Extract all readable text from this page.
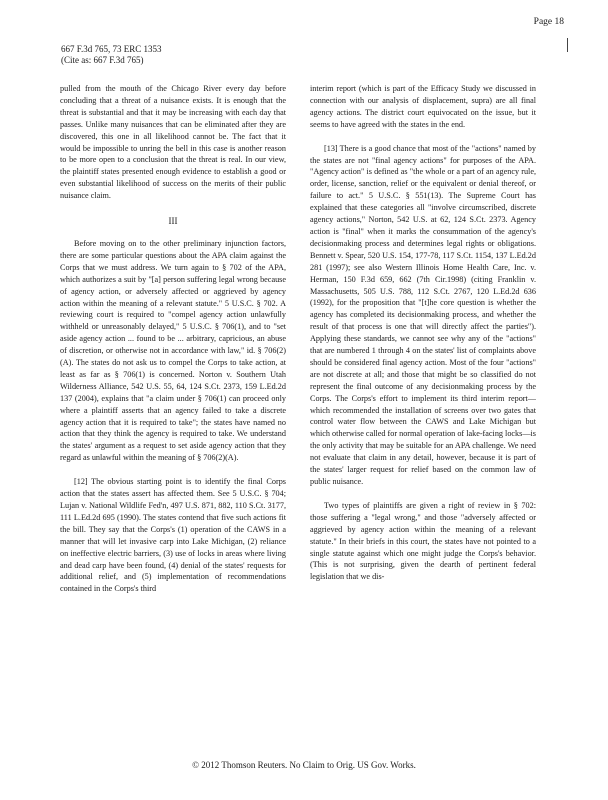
Page 18
667 F.3d 765, 73 ERC 1353
(Cite as: 667 F.3d 765)

pulled from the mouth of the Chicago River every day before concluding that a threat of a nuisance exists. It is enough that the threat is substantial and that it may be increasing with each day that passes. Unlike many nuisances that can be eliminated after they are discovered, this one in all likelihood cannot be. The fact that it would be impossible to unring the bell in this case is another reason to be more open to a conclusion that the threat is real. In our view, the plaintiff states presented enough evidence to establish a good or even substantial likelihood of success on the merits of their public nuisance claim.

III

Before moving on to the other preliminary injunction factors, there are some particular questions about the APA claim against the Corps that we must address. We turn again to § 702 of the APA, which authorizes a suit by "[a] person suffering legal wrong because of agency action, or adversely affected or aggrieved by agency action within the meaning of a relevant statute." 5 U.S.C. § 702. A reviewing court is required to "compel agency action unlawfully withheld or unreasonably delayed," 5 U.S.C. § 706(1), and to "set aside agency action ... found to be ... arbitrary, capricious, an abuse of discretion, or otherwise not in accordance with law," id. § 706(2)(A). The states do not ask us to compel the Corps to take action, at least as far as § 706(1) is concerned. Norton v. Southern Utah Wilderness Alliance, 542 U.S. 55, 64, 124 S.Ct. 2373, 159 L.Ed.2d 137 (2004), explains that "a claim under § 706(1) can proceed only where a plaintiff asserts that an agency failed to take a discrete agency action that it is required to take"; the states have named no action that they think the agency is required to take. We understand the states' argument as a request to set aside agency action that they regard as unlawful within the meaning of § 706(2)(A).

[12] The obvious starting point is to identify the final Corps action that the states assert has affected them. See 5 U.S.C. § 704; Lujan v. National Wildlife Fed'n, 497 U.S. 871, 882, 110 S.Ct. 3177, 111 L.Ed.2d 695 (1990). The states contend that five such actions fit the bill. They say that the Corps's (1) operation of the CAWS in a manner that will let invasive carp into Lake Michigan, (2) reliance on ineffective electric barriers, (3) use of locks in areas where living and dead carp have been found, (4) denial of the states' requests for additional relief, and (5) implementation of recommendations contained in the Corps's third

interim report (which is part of the Efficacy Study we discussed in connection with our analysis of displacement, supra) are all final agency actions. The district court equivocated on the issue, but it seems to have agreed with the states in the end.

[13] There is a good chance that most of the "actions" named by the states are not "final agency actions" for purposes of the APA. "Agency action" is defined as "the whole or a part of an agency rule, order, license, sanction, relief or the equivalent or denial thereof, or failure to act." 5 U.S.C. § 551(13). The Supreme Court has explained that these categories all "involve circumscribed, discrete agency actions," Norton, 542 U.S. at 62, 124 S.Ct. 2373. Agency action is "final" when it marks the consummation of the agency's decisionmaking process and determines legal rights or obligations. Bennett v. Spear, 520 U.S. 154, 177-78, 117 S.Ct. 1154, 137 L.Ed.2d 281 (1997); see also Western Illinois Home Health Care, Inc. v. Herman, 150 F.3d 659, 662 (7th Cir.1998) (citing Franklin v. Massachusetts, 505 U.S. 788, 112 S.Ct. 2767, 120 L.Ed.2d 636 (1992), for the proposition that "[t]he core question is whether the agency has completed its decisionmaking process, and whether the result of that process is one that will directly affect the parties"). Applying these standards, we cannot see why any of the "actions" that are numbered 1 through 4 on the states' list of complaints above should be considered final agency action. Most of the four "actions" are not discrete at all; and those that might be so classified do not represent the final outcome of any decisionmaking process by the Corps. The Corps's effort to implement its third interim report—which recommended the installation of screens over two gates that control water flow between the CAWS and Lake Michigan but which otherwise called for normal operation of lake-facing locks—is the only activity that may be suitable for an APA challenge. We need not evaluate that claim in any detail, however, because it is part of the states' larger request for relief based on the common law of public nuisance.

Two types of plaintiffs are given a right of review in § 702: those suffering a "legal wrong," and those "adversely affected or aggrieved by agency action within the meaning of a relevant statute." In their briefs in this court, the states have not pointed to a single statute against which one might judge the Corps's behavior. (This is not surprising, given the dearth of pertinent federal legislation that we dis-

© 2012 Thomson Reuters. No Claim to Orig. US Gov. Works.
